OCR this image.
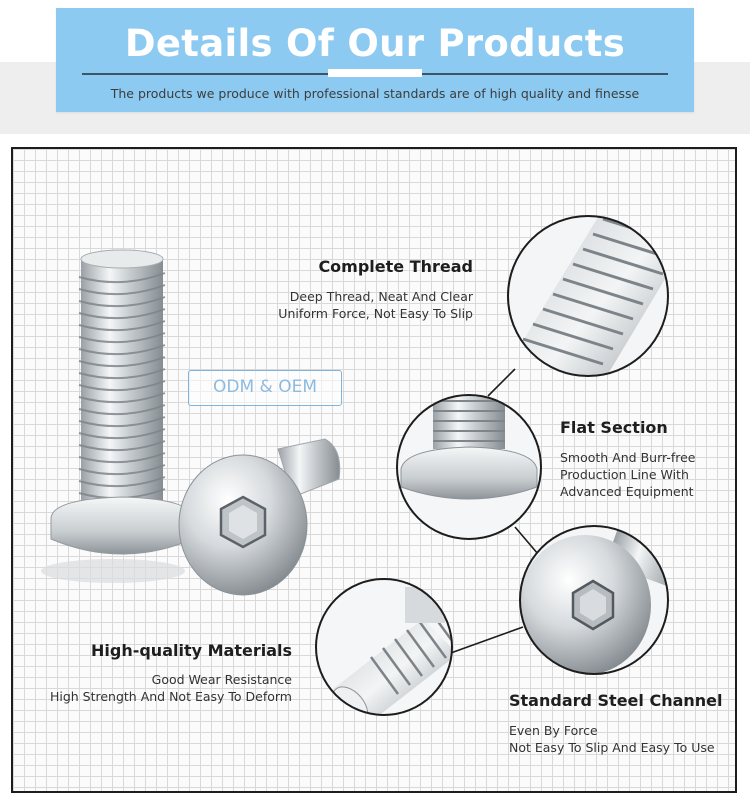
Details Of Our Products
The products we produce with professional standards are of high quality and finesse
ODM & OEM
Complete Thread
Deep Thread, Neat And Clear
Uniform Force, Not Easy To Slip
Flat Section
Smooth And Burr-free
Production Line With
Advanced Equipment
High-quality Materials
Good Wear Resistance
High Strength And Not Easy To Deform	Standard Steel Channel
Even By Force
Not Easy To Slip And Easy To Use
